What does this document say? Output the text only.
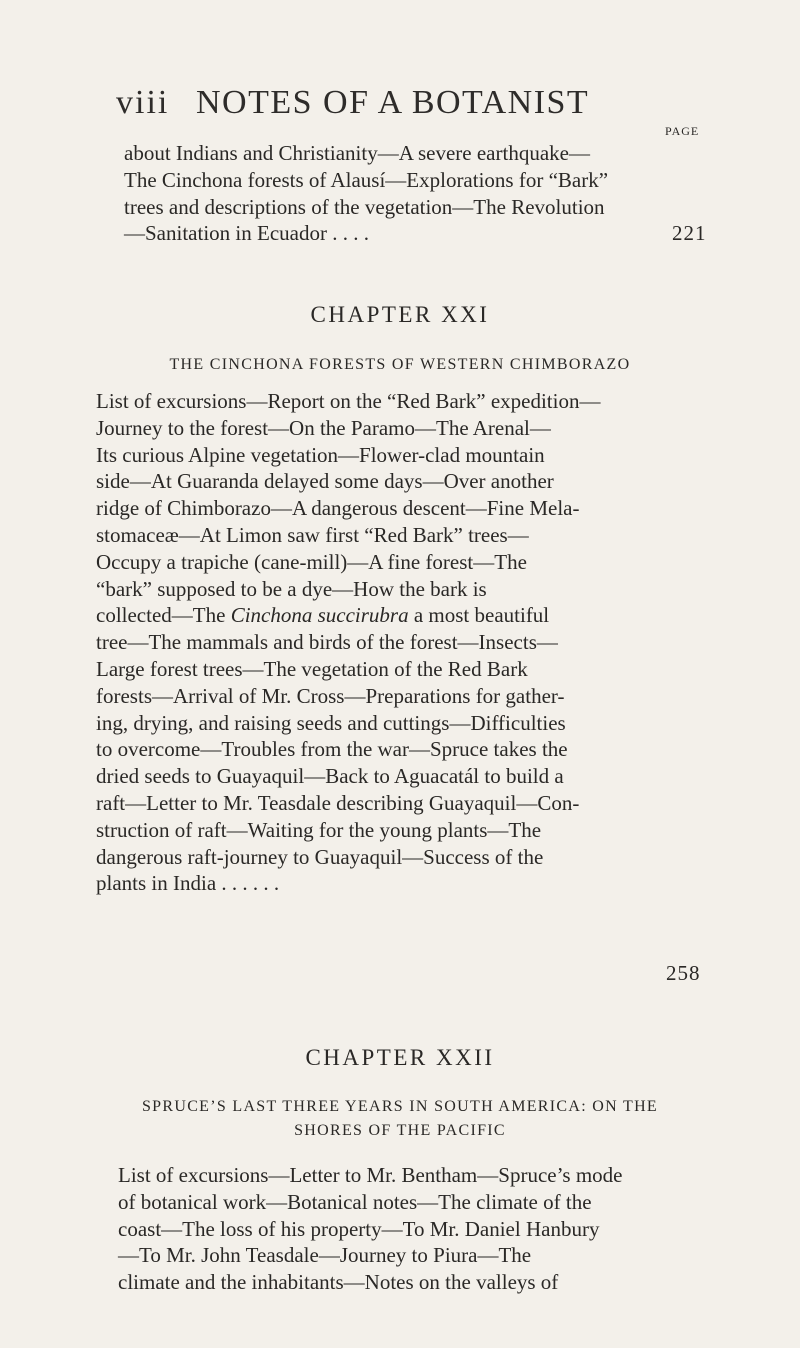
viii NOTES OF A BOTANIST
PAGE
about Indians and Christianity—A severe earthquake—
The Cinchona forests of Alausí—Explorations for “Bark”
trees and descriptions of the vegetation—The Revolution
—Sanitation in Ecuador . . . .	221
CHAPTER XXI
THE CINCHONA FORESTS OF WESTERN CHIMBORAZO
List of excursions—Report on the “Red Bark” expedition—
Journey to the forest—On the Paramo—The Arenal—
Its curious Alpine vegetation—Flower-clad mountain
side—At Guaranda delayed some days—Over another
ridge of Chimborazo—A dangerous descent—Fine Mela-
stomaceæ—At Limon saw first “Red Bark” trees—
Occupy a trapiche (cane-mill)—A fine forest—The
“bark” supposed to be a dye—How the bark is
collected—The Cinchona succirubra a most beautiful
tree—The mammals and birds of the forest—Insects—
Large forest trees—The vegetation of the Red Bark
forests—Arrival of Mr. Cross—Preparations for gather-
ing, drying, and raising seeds and cuttings—Difficulties
to overcome—Troubles from the war—Spruce takes the
dried seeds to Guayaquil—Back to Aguacatál to build a
raft—Letter to Mr. Teasdale describing Guayaquil—Con-
struction of raft—Waiting for the young plants—The
dangerous raft-journey to Guayaquil—Success of the
plants in India . . . . . .
258
CHAPTER XXII
SPRUCE’S LAST THREE YEARS IN SOUTH AMERICA: ON THE
SHORES OF THE PACIFIC
List of excursions—Letter to Mr. Bentham—Spruce’s mode
of botanical work—Botanical notes—The climate of the
coast—The loss of his property—To Mr. Daniel Hanbury
—To Mr. John Teasdale—Journey to Piura—The
climate and the inhabitants—Notes on the valleys of
